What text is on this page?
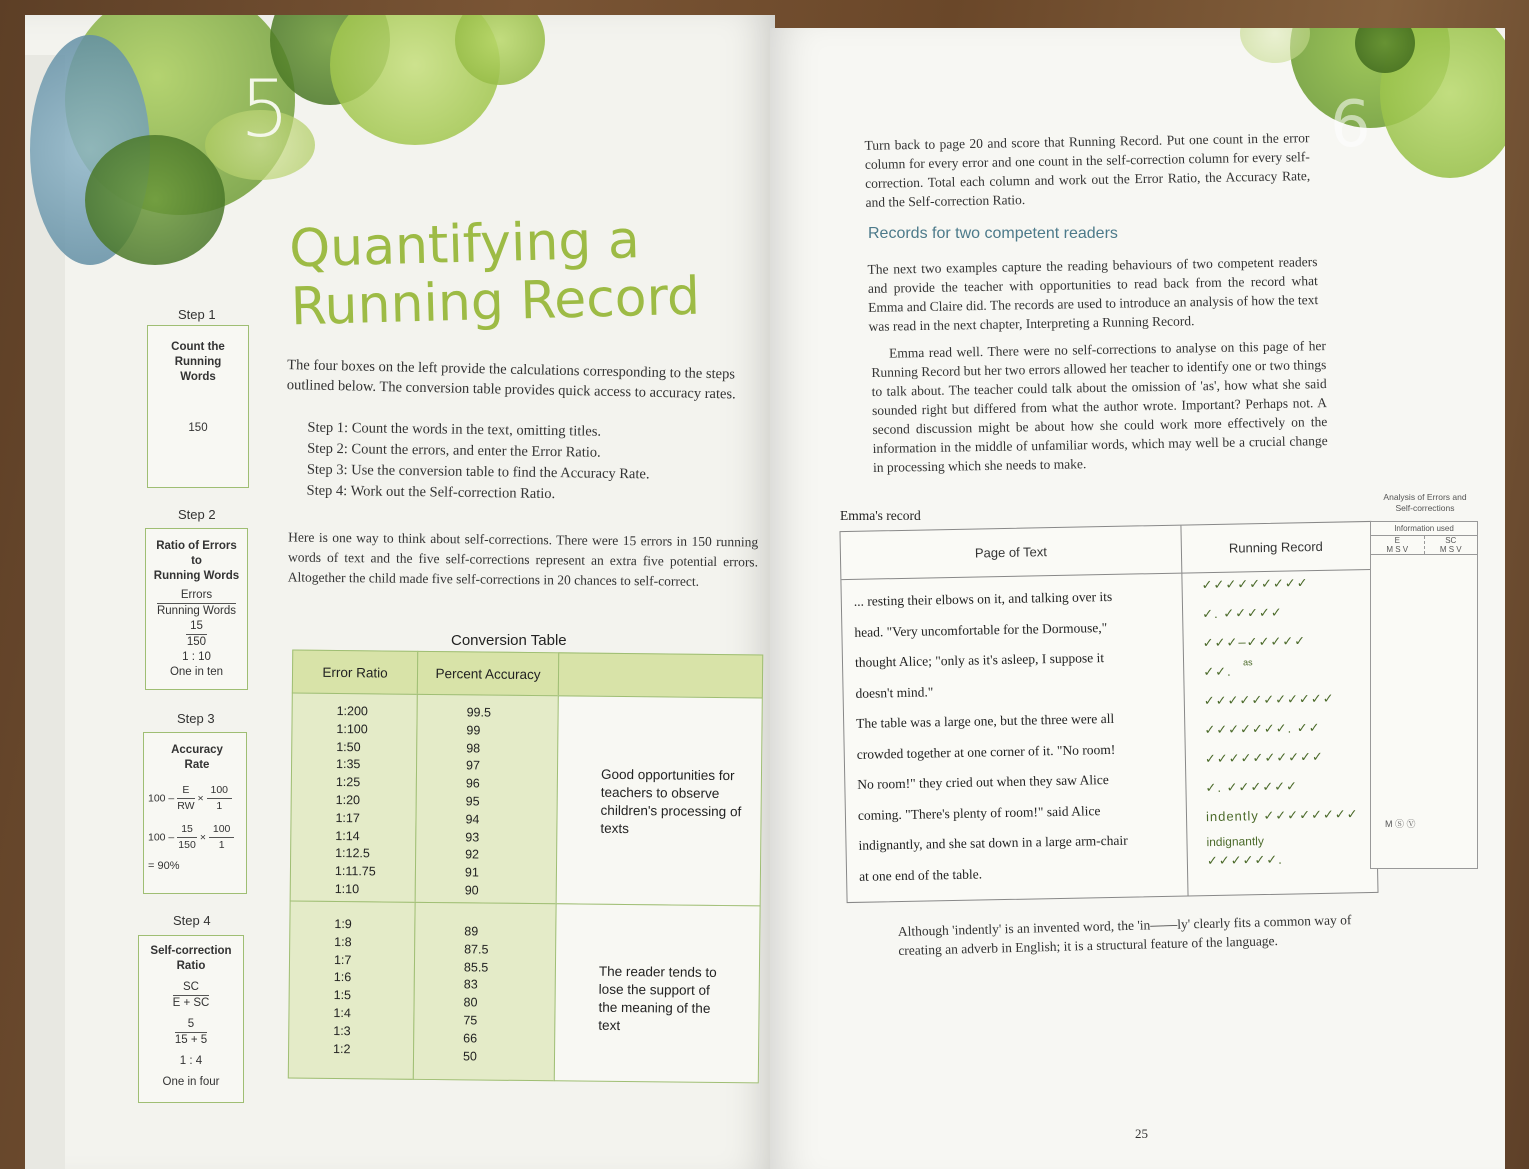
5
Quantifying a
Running Record

The four boxes on the left provide the calculations corresponding to the steps outlined below. The conversion table provides quick access to accuracy rates.

Step 1: Count the words in the text, omitting titles.
Step 2: Count the errors, and enter the Error Ratio.
Step 3: Use the conversion table to find the Accuracy Rate.
Step 4: Work out the Self-correction Ratio.

Here is one way to think about self-corrections. There were 15 errors in 150 running words of text and the five self-corrections represent an extra five potential errors. Altogether the child made five self-corrections in 20 chances to self-correct.

Step 1
Count the Running Words
150
Step 2
Ratio of Errors
to
Running Words
$\frac{\text{Errors}}{\text{Running Words}}$
$\frac{15}{150}$
1 : 10
One in ten
Step 3
Accuracy Rate
$100 - \frac{E}{RW} \times \frac{100}{1}$
$100 - \frac{15}{150} \times \frac{100}{1}$
= 90%
Step 4
Self-correction
Ratio
$\frac{SC}{E + SC}$

$\frac{5}{15 + 5}$
1 : 4
One in four
Conversion Table
Error Ratio	Percent Accuracy
1:200
1:100
1:50
1:35
1:25
1:20
1:17
1:14
1:12.5
1:11.75
1:10
99.5
99
98
97
96
95
94
93
92
91
90
Good opportunities for teachers to observe children's processing of texts
1:9
1:8
1:7
1:6
1:5
1:4
1:3
1:2
89
87.5
85.5
83
80
75
66
50
The reader tends to lose the support of the meaning of the text
6

Turn back to page 20 and score that Running Record. Put one count in the error column for every error and one count in the self-correction column for every self-correction. Total each column and work out the Error Ratio, the Accuracy Rate, and the Self-correction Ratio.

Records for two competent readers

The next two examples capture the reading behaviours of two competent readers and provide the teacher with opportunities to read back from the record what Emma and Claire did. The records are used to introduce an analysis of how the text was read in the next chapter, Interpreting a Running Record.

Emma read well. There were no self-corrections to analyse on this page of her Running Record but her two errors allowed her teacher to identify one or two things to talk about. The teacher could talk about the omission of 'as', how what she said sounded right but differed from what the author wrote. Important? Perhaps not. A second discussion might be about how she could work more effectively on the information in the middle of unfamiliar words, which may well be a crucial change in processing which she needs to make.

Emma's record
Page of Text	Running Record
... resting their elbows on it, and talking over its
head. "Very uncomfortable for the Dormouse,"
thought Alice; "only as it's asleep, I suppose it
doesn't mind."
The table was a large one, but the three were all
crowded together at one corner of it. "No room!
No room!" they cried out when they saw Alice
coming. "There's plenty of room!" said Alice
indignantly, and she sat down in a large arm-chair
at one end of the table.
✓✓✓✓✓✓✓✓✓
✓. ✓✓✓✓✓
✓✓✓–✓✓✓✓✓
✓✓.
✓✓✓✓✓✓✓✓✓✓✓
✓✓✓✓✓✓✓. ✓✓
✓✓✓✓✓✓✓✓✓✓
✓. ✓✓✓✓✓✓
indently ✓✓✓✓✓✓✓✓
✓✓✓✓✓✓.
as
indignantly
Analysis of Errors and Self-corrections
Information used
E
M S V
SC
M S V
M Ⓢ Ⓥ

Although 'indently' is an invented word, the 'in——ly' clearly fits a common way of creating an adverb in English; it is a structural feature of the language.

25
